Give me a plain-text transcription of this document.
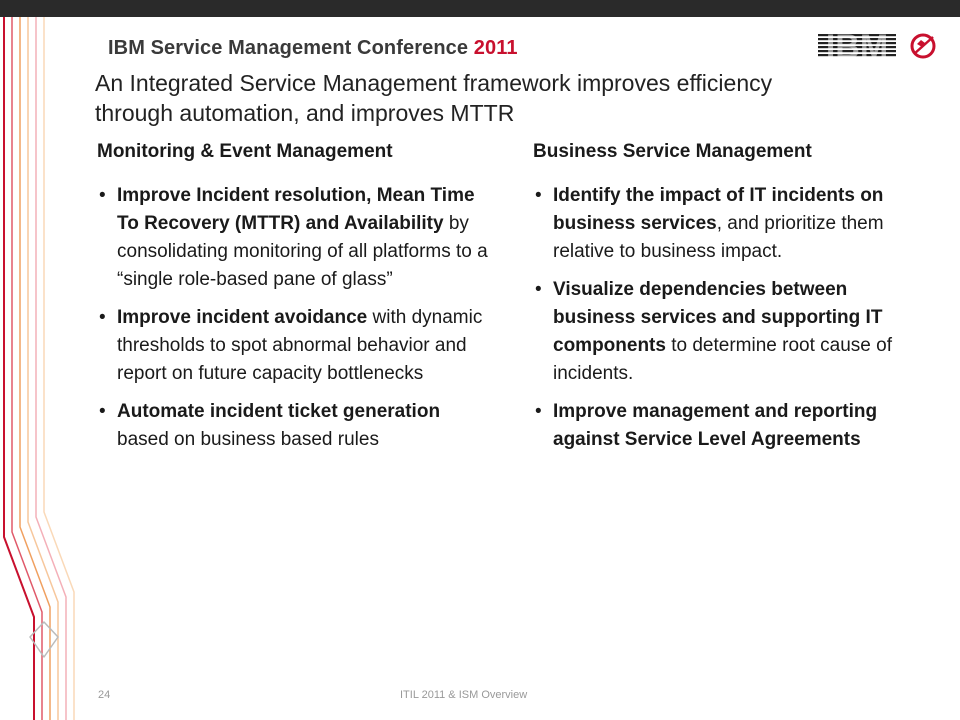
IBM Service Management Conference 2011	IBM
An Integrated Service Management framework improves efficiency
through automation, and improves MTTR
Monitoring & Event Management
• Improve Incident resolution, Mean Time To Recovery (MTTR) and Availability by consolidating monitoring of all platforms to a “single role-based pane of glass”
• Improve incident avoidance with dynamic thresholds to spot abnormal behavior and report on future capacity bottlenecks
• Automate incident ticket generation based on business based rules
Business Service Management
• Identify the impact of IT incidents on business services, and prioritize them relative to business impact.
• Visualize dependencies between business services and supporting IT components to determine root cause of incidents.
• Improve management and reporting against Service Level Agreements
24	ITIL 2011 & ISM Overview
